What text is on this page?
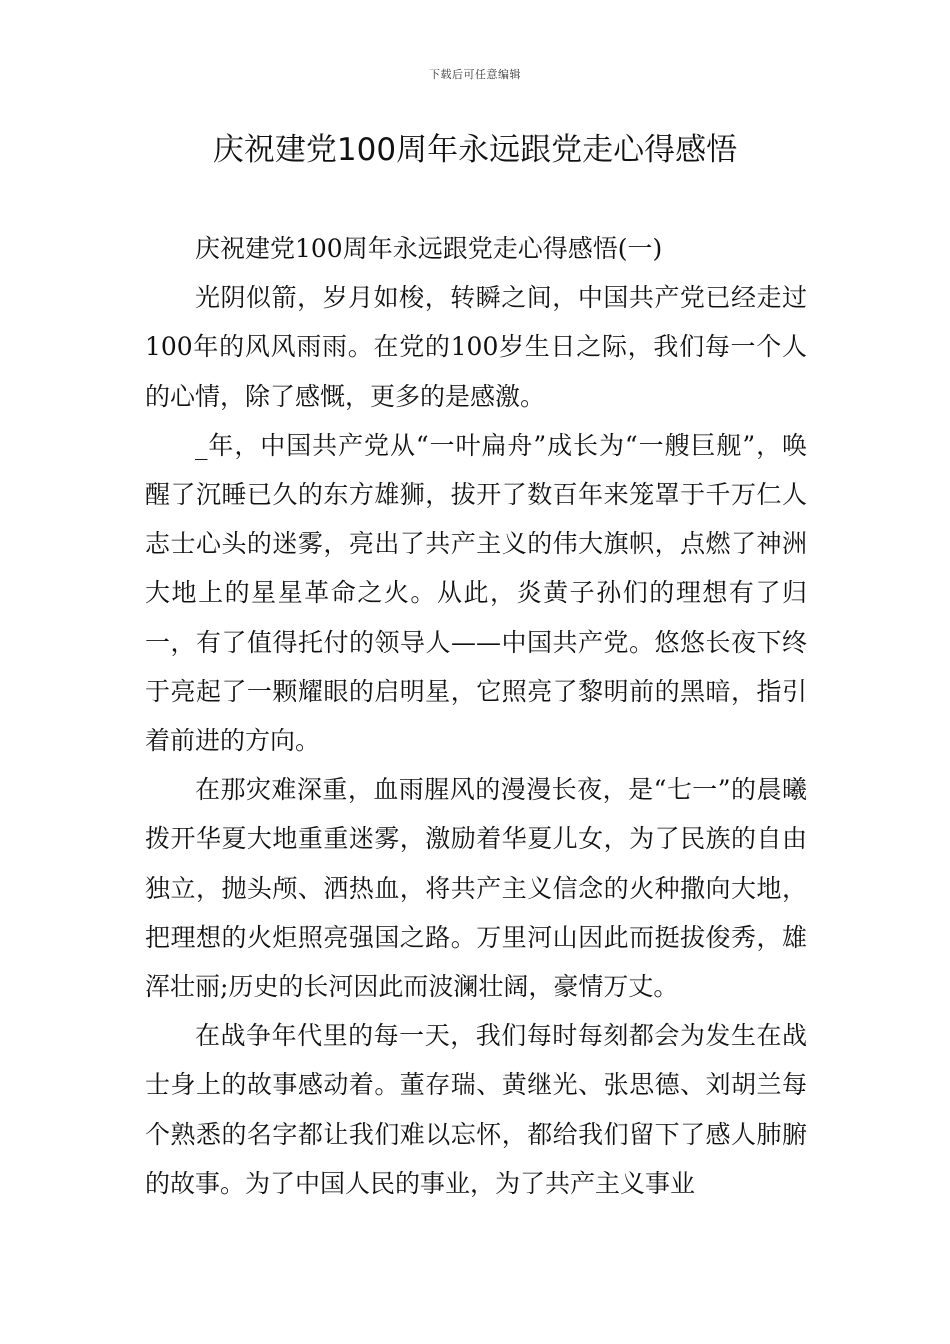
下载后可任意编辑
庆祝建党100周年永远跟党走心得感悟

庆祝建党100周年永远跟党走心得感悟(一)

光阴似箭，岁月如梭，转瞬之间，中国共产党已经走过100年的风风雨雨。在党的100岁生日之际，我们每一个人的心情，除了感慨，更多的是感激。

_年，中国共产党从“一叶扁舟”成长为“一艘巨舰”，唤醒了沉睡已久的东方雄狮，拔开了数百年来笼罩于千万仁人志士心头的迷雾，亮出了共产主义的伟大旗帜，点燃了神洲大地上的星星革命之火。从此，炎黄子孙们的理想有了归一，有了值得托付的领导人——中国共产党。悠悠长夜下终于亮起了一颗耀眼的启明星，它照亮了黎明前的黑暗，指引着前进的方向。

在那灾难深重，血雨腥风的漫漫长夜，是“七一”的晨曦拨开华夏大地重重迷雾，激励着华夏儿女，为了民族的自由独立，抛头颅、洒热血，将共产主义信念的火种撒向大地，把理想的火炬照亮强国之路。万里河山因此而挺拔俊秀，雄浑壮丽;历史的长河因此而波澜壮阔，豪情万丈。

在战争年代里的每一天，我们每时每刻都会为发生在战士身上的故事感动着。董存瑞、黄继光、张思德、刘胡兰每个熟悉的名字都让我们难以忘怀，都给我们留下了感人肺腑的故事。为了中国人民的事业，为了共产主义事业
